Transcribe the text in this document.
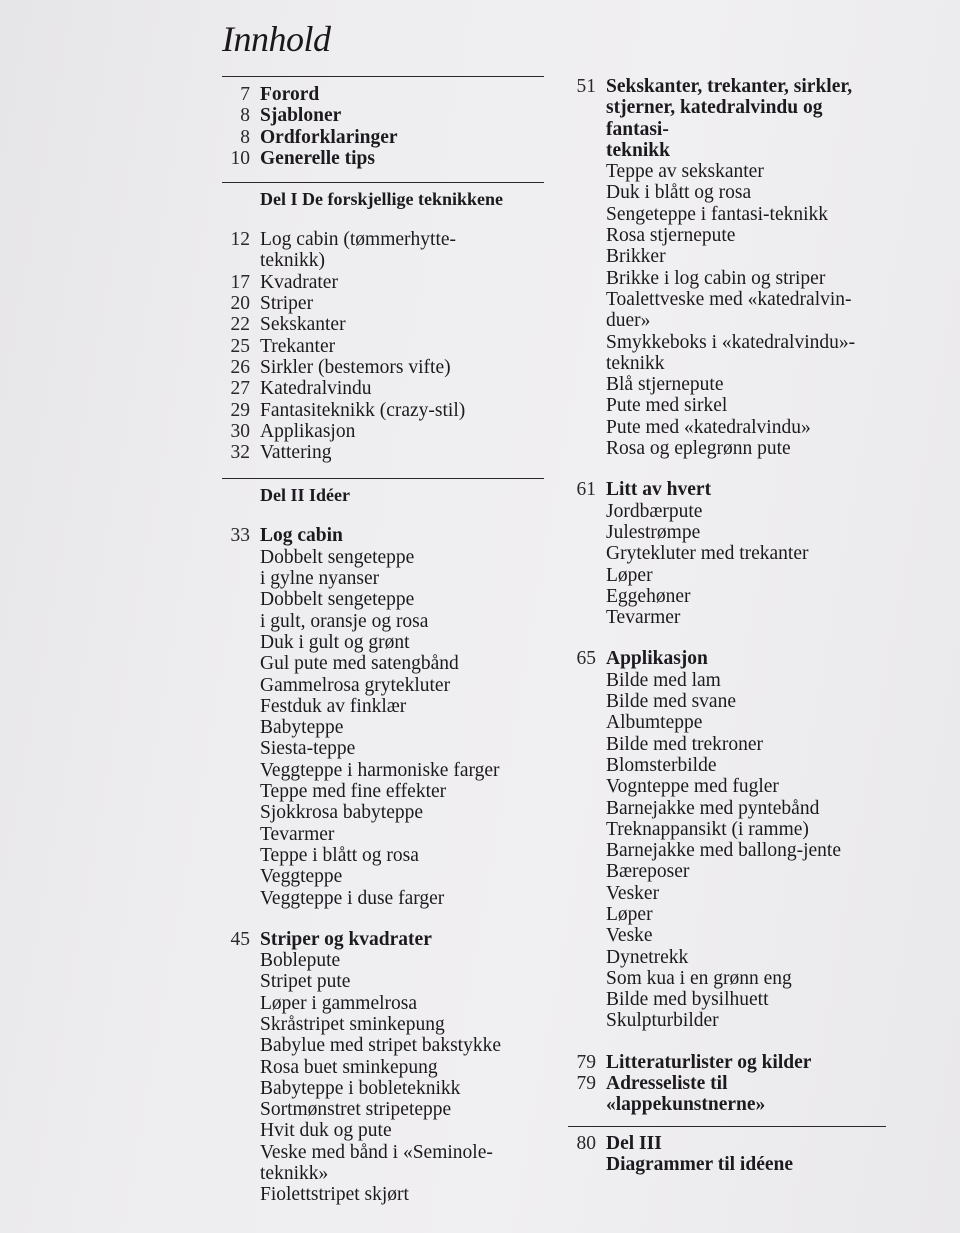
Innhold
7 Forord
8 Sjabloner
8 Ordforklaringer
10 Generelle tips
Del I De forskjellige teknikkene
12 Log cabin (tømmerhytte-
teknikk)
17 Kvadrater
20 Striper
22 Sekskanter
25 Trekanter
26 Sirkler (bestemors vifte)
27 Katedralvindu
29 Fantasiteknikk (crazy-stil)
30 Applikasjon
32 Vattering
Del II Idéer
33 Log cabin
Dobbelt sengeteppe
i gylne nyanser
Dobbelt sengeteppe
i gult, oransje og rosa
Duk i gult og grønt
Gul pute med satengbånd
Gammelrosa grytekluter
Festduk av finklær
Babyteppe
Siesta-teppe
Veggteppe i harmoniske farger
Teppe med fine effekter
Sjokkrosa babyteppe
Tevarmer
Teppe i blått og rosa
Veggteppe
Veggteppe i duse farger
45 Striper og kvadrater
Boblepute
Stripet pute
Løper i gammelrosa
Skråstripet sminkepung
Babylue med stripet bakstykke
Rosa buet sminkepung
Babyteppe i bobleteknikk
Sortmønstret stripeteppe
Hvit duk og pute
Veske med bånd i «Seminole-
teknikk»
Fiolettstripet skjørt
51 Sekskanter, trekanter, sirkler,
stjerner, katedralvindu og fantasi-
teknikk
Teppe av sekskanter
Duk i blått og rosa
Sengeteppe i fantasi-teknikk
Rosa stjernepute
Brikker
Brikke i log cabin og striper
Toalettveske med «katedralvin-
duer»
Smykkeboks i «katedralvindu»-
teknikk
Blå stjernepute
Pute med sirkel
Pute med «katedralvindu»
Rosa og eplegrønn pute
61 Litt av hvert
Jordbærpute
Julestrømpe
Grytekluter med trekanter
Løper
Eggehøner
Tevarmer
65 Applikasjon
Bilde med lam
Bilde med svane
Albumteppe
Bilde med trekroner
Blomsterbilde
Vognteppe med fugler
Barnejakke med pyntebånd
Treknappansikt (i ramme)
Barnejakke med ballong-jente
Bæreposer
Vesker
Løper
Veske
Dynetrekk
Som kua i en grønn eng
Bilde med bysilhuett
Skulpturbilder
79 Litteraturlister og kilder
79 Adresseliste til «lappekunstnerne»
80 Del III
Diagrammer til idéene
